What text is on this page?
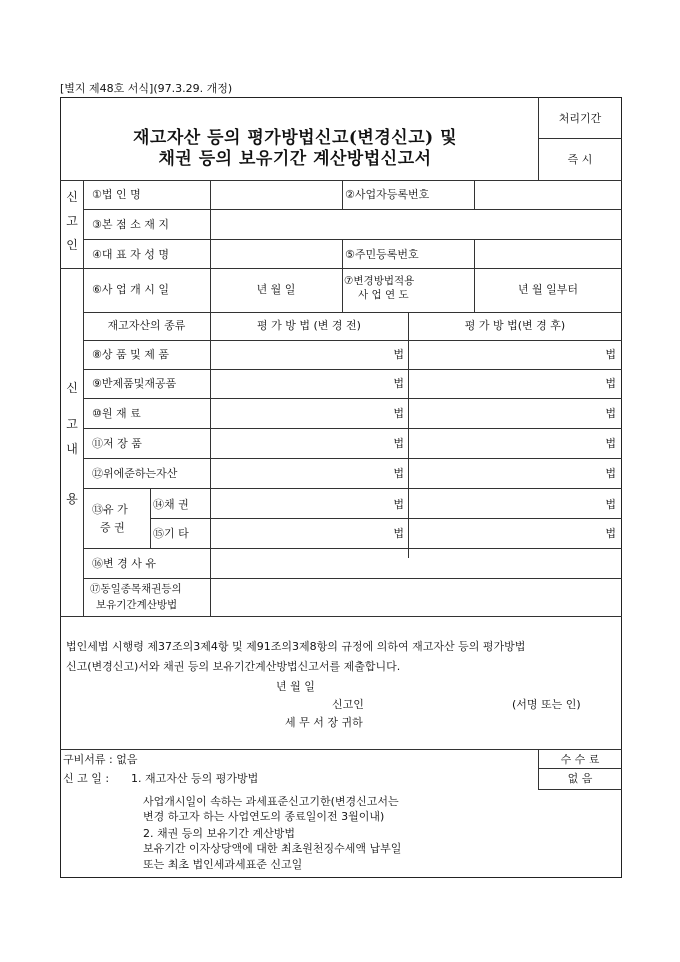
[별지 제48호 서식](97.3.29. 개정)
재고자산 등의 평가방법신고(변경신고) 및
채권 등의 보유기간 계산방법신고서
처리기간
즉 시
신
고
인
①법 인 명	②사업자등록번호
③본 점 소 재 지
④대 표 자 성 명	⑤주민등록번호
신
고
내
용
⑥사 업 개 시 일	년 월 일
⑦변경방법적용
사 업 연 도	년 월 일부터
재고자산의 종류	평 가 방 법 (변 경 전)	평 가 방 법(변 경 후)
⑧상 품 및 제 품	법	법
⑨반제품및재공품	법	법
⑩원 재 료	법	법
⑪저 장 품	법	법
⑫위에준하는자산	법	법
⑬유 가
증 권
⑭채 권	법	법
⑮기 타	법	법
⑯변 경 사 유
⑰동일종목채권등의
보유기간계산방법
법인세법 시행령 제37조의3제4항 및 제91조의3제8항의 규정에 의하여 재고자산 등의 평가방법
신고(변경신고)서와 채권 등의 보유기간계산방법신고서를 제출합니다.
년 월 일
신고인	(서명 또는 인)
세 무 서 장 귀하
구비서류 : 없음	수 수 료
없 음
신 고 일 : 1. 재고자산 등의 평가방법
사업개시일이 속하는 과세표준신고기한(변경신고서는
변경 하고자 하는 사업연도의 종료일이전 3월이내)
2. 채권 등의 보유기간 계산방법
보유기간 이자상당액에 대한 최초원천징수세액 납부일
또는 최초 법인세과세표준 신고일
